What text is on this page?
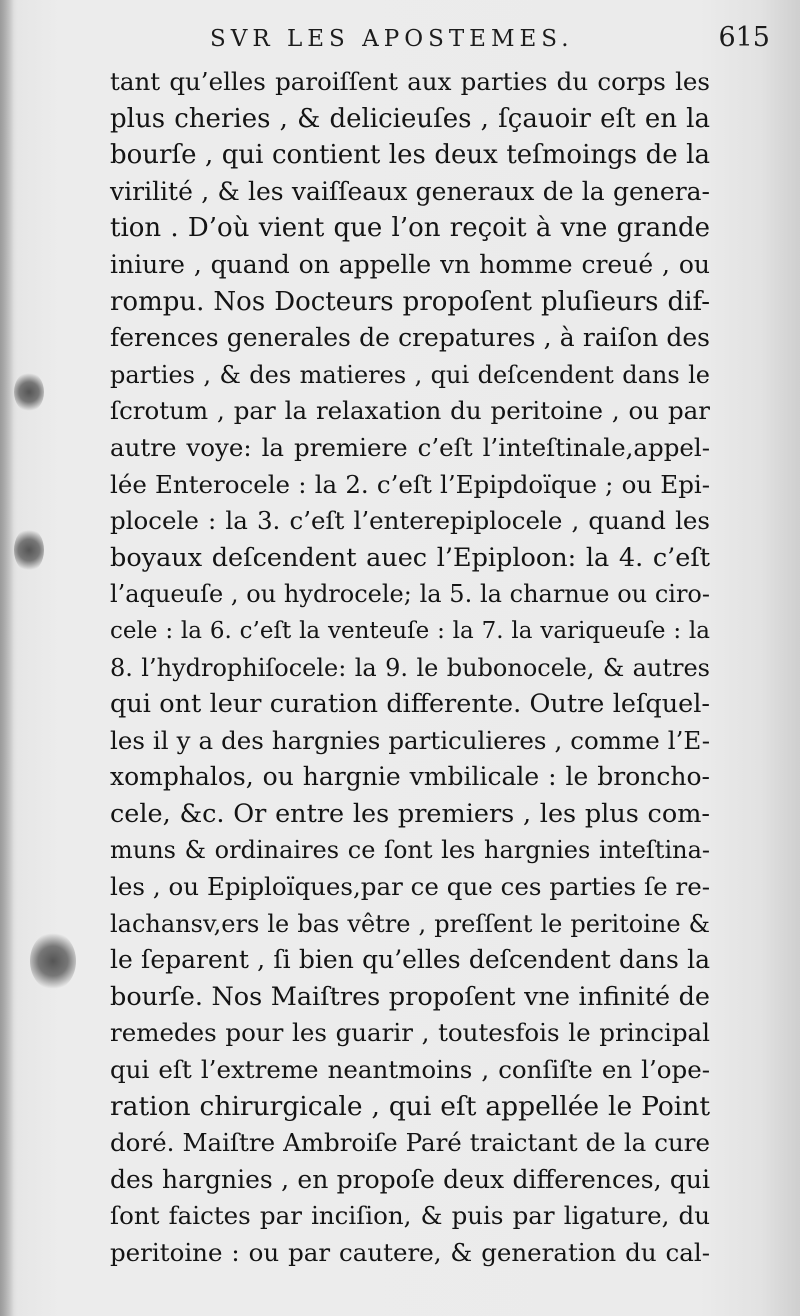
SVR LES APOSTEMES.	615
tant qu’elles paroiſſent aux parties du corps les
plus cheries , & delicieuſes , ſçauoir eſt en la
bourſe , qui contient les deux teſmoings de la
virilité , & les vaiſſeaux generaux de la genera-
tion . D’où vient que l’on reçoit à vne grande
iniure , quand on appelle vn homme creué , ou
rompu. Nos Docteurs propoſent pluſieurs dif-
ferences generales de crepatures , à raiſon des
parties , & des matieres , qui deſcendent dans le
ſcrotum , par la relaxation du peritoine , ou par
autre voye: la premiere c’eſt l’inteſtinale,appel-
lée Enterocele : la 2. c’eſt l’Epipdoïque ; ou Epi-
plocele : la 3. c’eſt l’enterepiplocele , quand les
boyaux deſcendent auec l’Epiploon: la 4. c’eſt
l’aqueuſe , ou hydrocele; la 5. la charnue ou ciro-
cele : la 6. c’eſt la venteuſe : la 7. la variqueuſe : la
8. l’hydrophiſocele: la 9. le bubonocele, & autres
qui ont leur curation differente. Outre leſquel-
les il y a des hargnies particulieres , comme l’E-
xomphalos, ou hargnie vmbilicale : le broncho-
cele, &c. Or entre les premiers , les plus com-
muns & ordinaires ce ſont les hargnies inteſtina-
les , ou Epiploïques,par ce que ces parties ſe re-
lachansv,ers le bas vêtre , preſſent le peritoine &
le ſeparent , ſi bien qu’elles deſcendent dans la
bourſe. Nos Maiſtres propoſent vne infinité de
remedes pour les guarir , toutesfois le principal
qui eſt l’extreme neantmoins , conſiſte en l’ope-
ration chirurgicale , qui eſt appellée le Point
doré. Maiſtre Ambroiſe Paré traictant de la cure
des hargnies , en propoſe deux differences, qui
ſont faictes par inciſion, & puis par ligature, du
peritoine : ou par cautere, & generation du cal-
